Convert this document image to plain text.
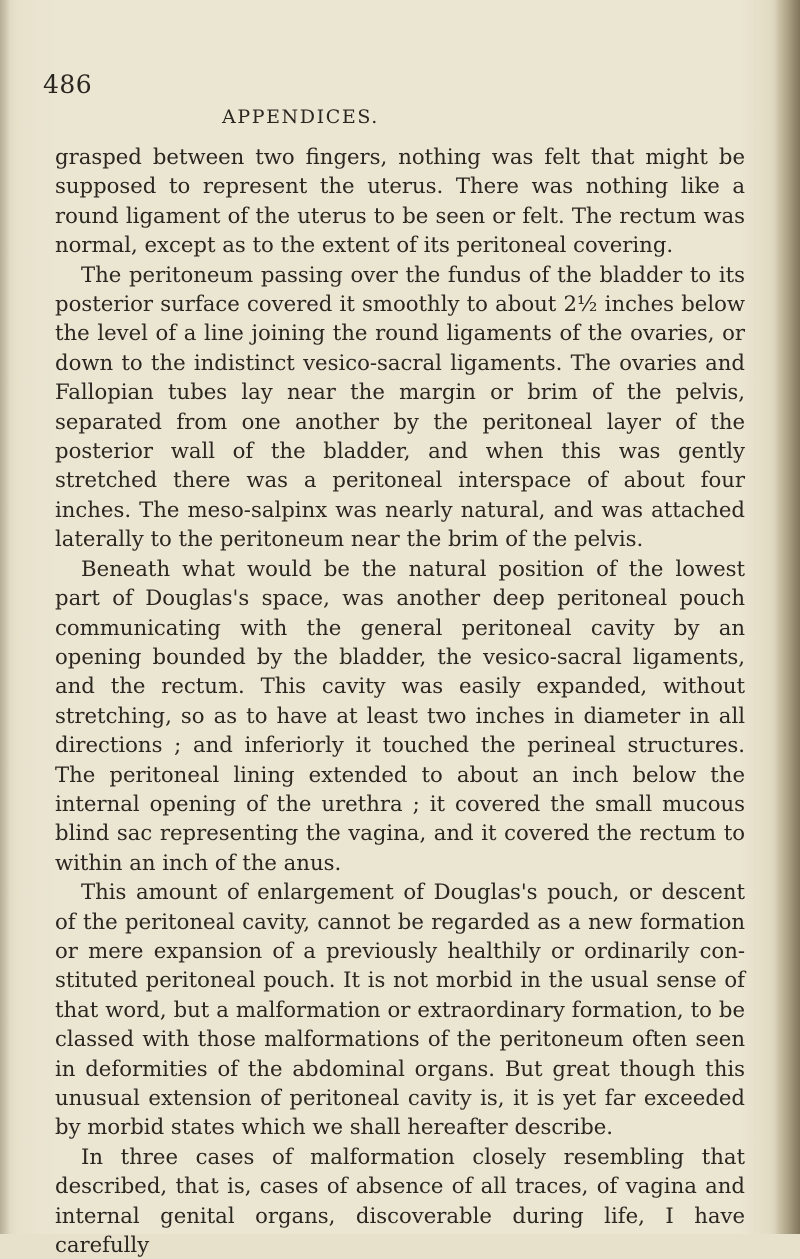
486
APPENDICES.

grasped between two fingers, nothing was felt that might be supposed to represent the uterus. There was nothing like a round ligament of the uterus to be seen or felt. The rectum was normal, except as to the extent of its peritoneal covering.

The peritoneum passing over the fundus of the bladder to its posterior surface covered it smoothly to about 2½ inches below the level of a line joining the round ligaments of the ovaries, or down to the indistinct vesico-sacral ligaments. The ovaries and Fallopian tubes lay near the margin or brim of the pelvis, separated from one another by the peritoneal layer of the posterior wall of the bladder, and when this was gently stretched there was a peritoneal interspace of about four inches. The meso-salpinx was nearly natural, and was attached laterally to the peritoneum near the brim of the pelvis.

Beneath what would be the natural position of the lowest part of Douglas's space, was another deep peritoneal pouch communicating with the general peritoneal cavity by an opening bounded by the bladder, the vesico-sacral ligaments, and the rectum. This cavity was easily expanded, without stretching, so as to have at least two inches in diameter in all directions ; and inferiorly it touched the perineal structures. The peritoneal lining extended to about an inch below the internal opening of the urethra ; it covered the small mucous blind sac representing the vagina, and it covered the rectum to within an inch of the anus.

This amount of enlargement of Douglas's pouch, or descent of the peritoneal cavity, cannot be regarded as a new formation or mere expansion of a previously healthily or ordinarily con-stituted peritoneal pouch. It is not morbid in the usual sense of that word, but a malformation or extraordinary formation, to be classed with those malformations of the peritoneum often seen in deformities of the abdominal organs. But great though this unusual extension of peritoneal cavity is, it is yet far exceeded by morbid states which we shall hereafter describe.

In three cases of malformation closely resembling that described, that is, cases of absence of all traces, of vagina and internal genital organs, discoverable during life, I have carefully
